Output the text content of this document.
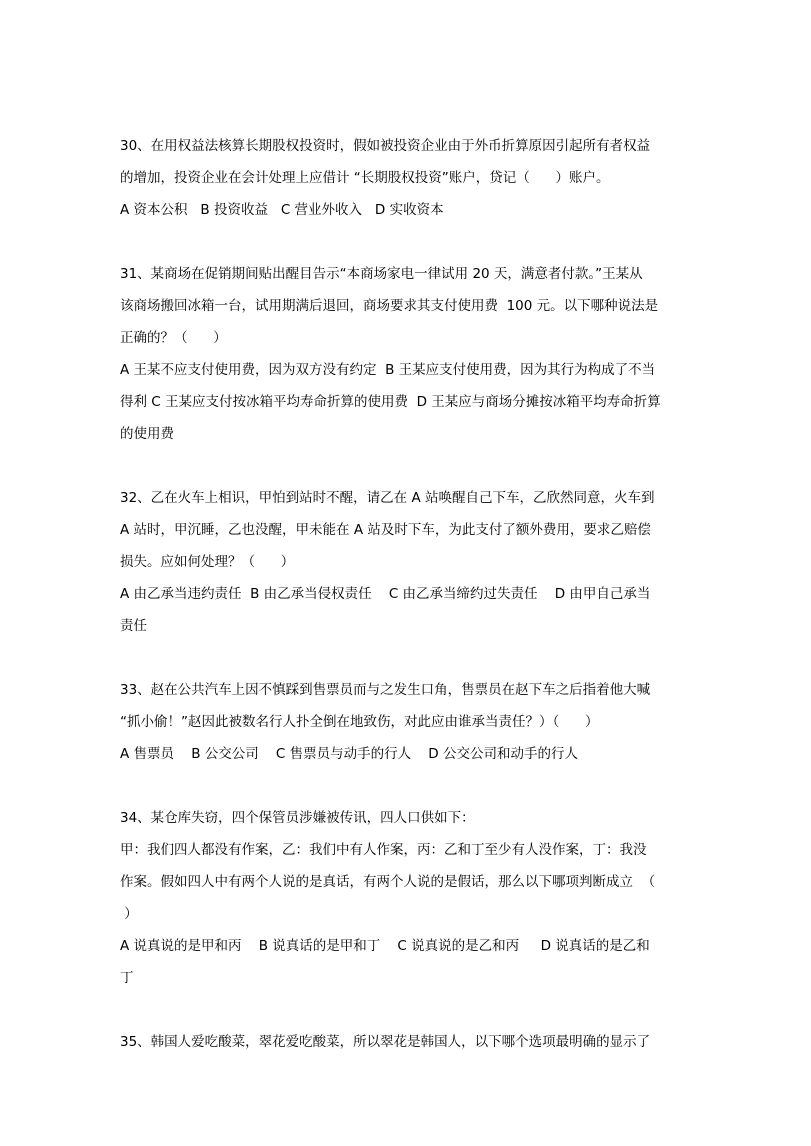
30、在用权益法核算长期股权投资时，假如被投资企业由于外币折算原因引起所有者权益
的增加，投资企业在会计处理上应借计 “长期股权投资”账户，贷记（      ）账户。
A 资本公积   B 投资收益   C 营业外收入   D 实收资本
31、某商场在促销期间贴出醒目告示“本商场家电一律试用 20 天，满意者付款。”王某从
该商场搬回冰箱一台，试用期满后退回，商场要求其支付使用费  100 元。以下哪种说法是
正确的？（      ）
A 王某不应支付使用费，因为双方没有约定  B 王某应支付使用费，因为其行为构成了不当
得利 C 王某应支付按冰箱平均寿命折算的使用费  D 王某应与商场分摊按冰箱平均寿命折算
的使用费
32、乙在火车上相识，甲怕到站时不醒，请乙在 A 站唤醒自己下车，乙欣然同意，火车到
A 站时，甲沉睡，乙也没醒，甲未能在 A 站及时下车，为此支付了额外费用，要求乙赔偿
损失。应如何处理？（      ）
A 由乙承当违约责任  B 由乙承当侵权责任    C 由乙承当缔约过失责任    D 由甲自己承当
责任
33、赵在公共汽车上因不慎踩到售票员而与之发生口角，售票员在赵下车之后指着他大喊
“抓小偷！”赵因此被数名行人扑全倒在地致伤，对此应由谁承当责任？）（      ）
A 售票员    B 公交公司    C 售票员与动手的行人    D 公交公司和动手的行人
34、某仓库失窃，四个保管员涉嫌被传讯，四人口供如下：
甲：我们四人都没有作案，乙：我们中有人作案，丙：乙和丁至少有人没作案，丁：我没
作案。假如四人中有两个人说的是真话，有两个人说的是假话，那么以下哪项判断成立  （
）
A 说真说的是甲和丙    B 说真话的是甲和丁    C 说真说的是乙和丙     D 说真话的是乙和
丁
35、韩国人爱吃酸菜，翠花爱吃酸菜，所以翠花是韩国人，以下哪个选项最明确的显示了
